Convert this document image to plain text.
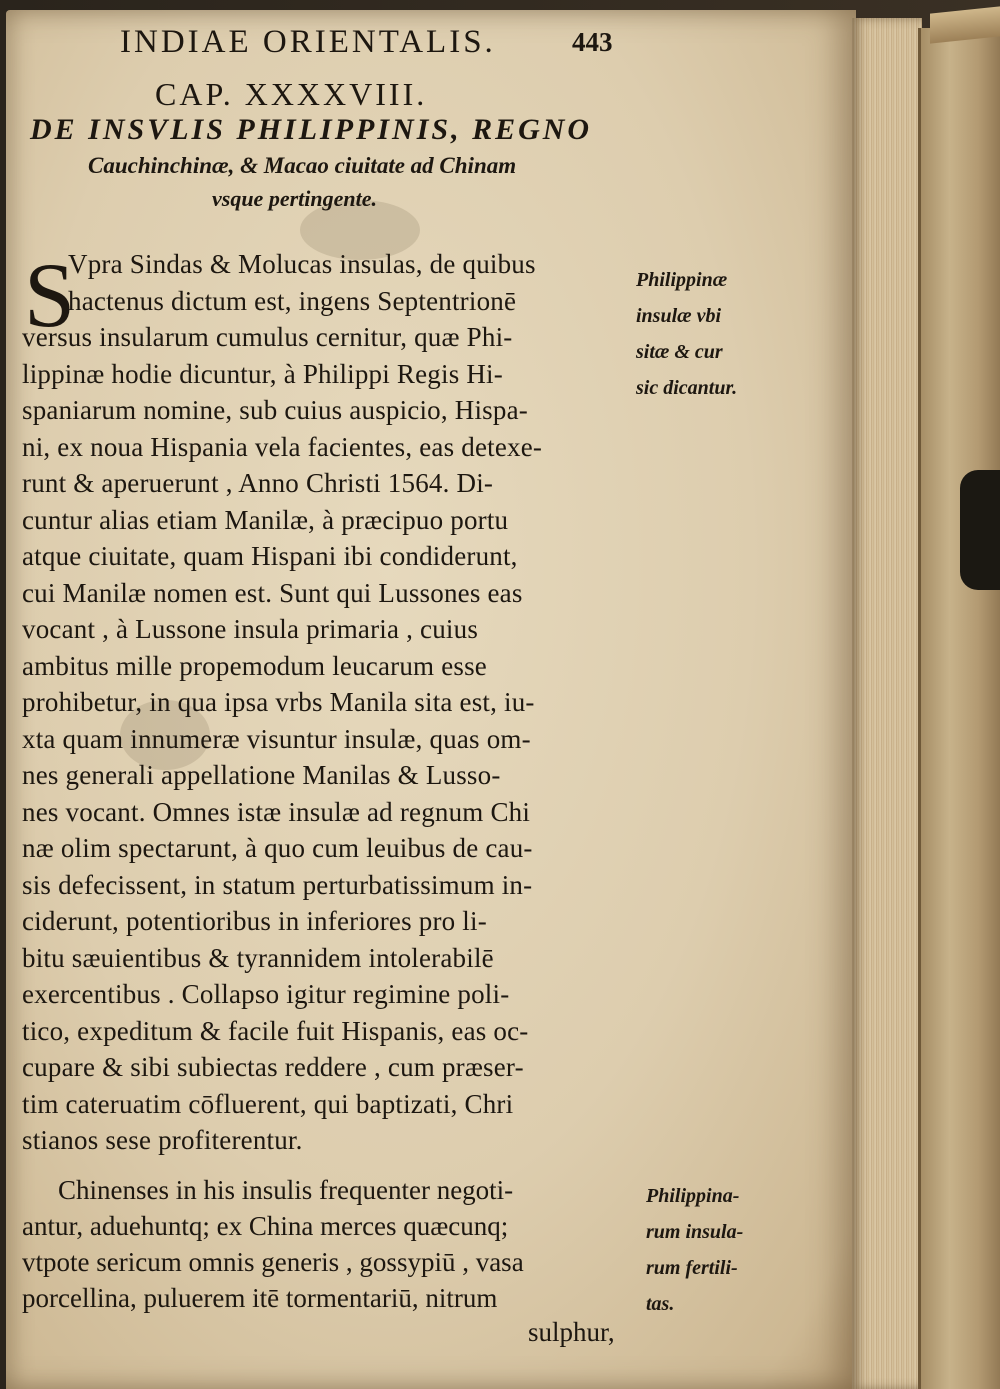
INDIAE ORIENTALIS.	443
CAP. XXXXVIII.
DE INSVLIS PHILIPPINIS, REGNO
Cauchinchinæ, & Macao ciuitate ad Chinam
vsque pertingente.
S
Vpra Sindas & Molucas insulas, de quibus
hactenus dictum est, ingens Septentrionē
versus insularum cumulus cernitur, quæ Phi-
lippinæ hodie dicuntur, à Philippi Regis Hi-
spaniarum nomine, sub cuius auspicio, Hispa-
ni, ex noua Hispania vela facientes, eas detexe-
runt & aperuerunt , Anno Christi 1564. Di-
cuntur alias etiam Manilæ, à præcipuo portu
atque ciuitate, quam Hispani ibi condiderunt,
cui Manilæ nomen est. Sunt qui Lussones eas
vocant , à Lussone insula primaria , cuius
ambitus mille propemodum leucarum esse
prohibetur, in qua ipsa vrbs Manila sita est, iu-
xta quam innumeræ visuntur insulæ, quas om-
nes generali appellatione Manilas & Lusso-
nes vocant. Omnes istæ insulæ ad regnum Chi
næ olim spectarunt, à quo cum leuibus de cau-
sis defecissent, in statum perturbatissimum in-
ciderunt, potentioribus in inferiores pro li-
bitu sæuientibus & tyrannidem intolerabilē
exercentibus . Collapso igitur regimine poli-
tico, expeditum & facile fuit Hispanis, eas oc-
cupare & sibi subiectas reddere , cum præser-
tim cateruatim cōfluerent, qui baptizati, Chri
stianos sese profiterentur.
Chinenses in his insulis frequenter negoti-
antur, aduehuntq; ex China merces quæcunq;
vtpote sericum omnis generis , gossypiū , vasa
porcellina, puluerem itē tormentariū, nitrum
sulphur,
Philippinæ
insulæ vbi
sitæ & cur
sic dicantur.
Philippina-
rum insula-
rum fertili-
tas.
